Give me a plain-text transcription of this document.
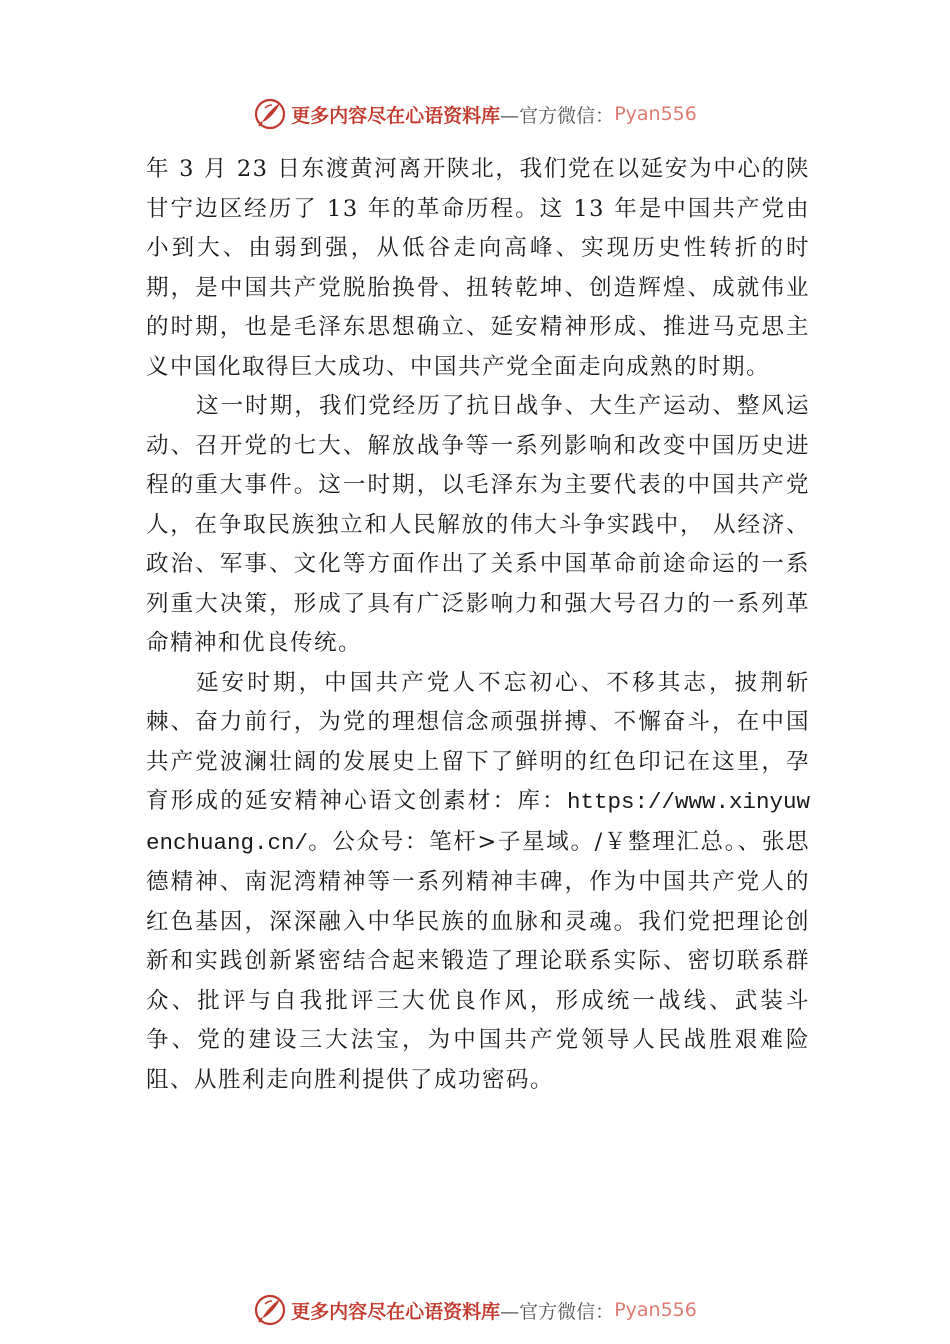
更多内容尽在心语资料库 —官方微信： Pyan556

年 3 月 23 日东渡黄河离开陕北，我们党在以延安为中心的陕甘宁边区经历了 13 年的革命历程。这 13 年是中国共产党由小到大、由弱到强，从低谷走向高峰、实现历史性转折的时期，是中国共产党脱胎换骨、扭转乾坤、创造辉煌、成就伟业的时期，也是毛泽东思想确立、延安精神形成、推进马克思主义中国化取得巨大成功、中国共产党全面走向成熟的时期。

这一时期，我们党经历了抗日战争、大生产运动、整风运动、召开党的七大、解放战争等一系列影响和改变中国历史进程的重大事件。这一时期，以毛泽东为主要代表的中国共产党人，在争取民族独立和人民解放的伟大斗争实践中， 从经济、政治、军事、文化等方面作出了关系中国革命前途命运的一系列重大决策，形成了具有广泛影响力和强大号召力的一系列革命精神和优良传统。

延安时期，中国共产党人不忘初心、不移其志，披荆斩棘、奋力前行，为党的理想信念顽强拼搏、不懈奋斗，在中国共产党波澜壮阔的发展史上留下了鲜明的红色印记在这里，孕育形成的延安精神心语文创素材：库：https://www.xinyuwenchuang.cn/。公众号：笔杆>子星域。/￥整理汇总。、张思德精神、南泥湾精神等一系列精神丰碑，作为中国共产党人的红色基因，深深融入中华民族的血脉和灵魂。我们党把理论创新和实践创新紧密结合起来锻造了理论联系实际、密切联系群众、批评与自我批评三大优良作风，形成统一战线、武装斗争、党的建设三大法宝，为中国共产党领导人民战胜艰难险阻、从胜利走向胜利提供了成功密码。

更多内容尽在心语资料库 —官方微信： Pyan556
